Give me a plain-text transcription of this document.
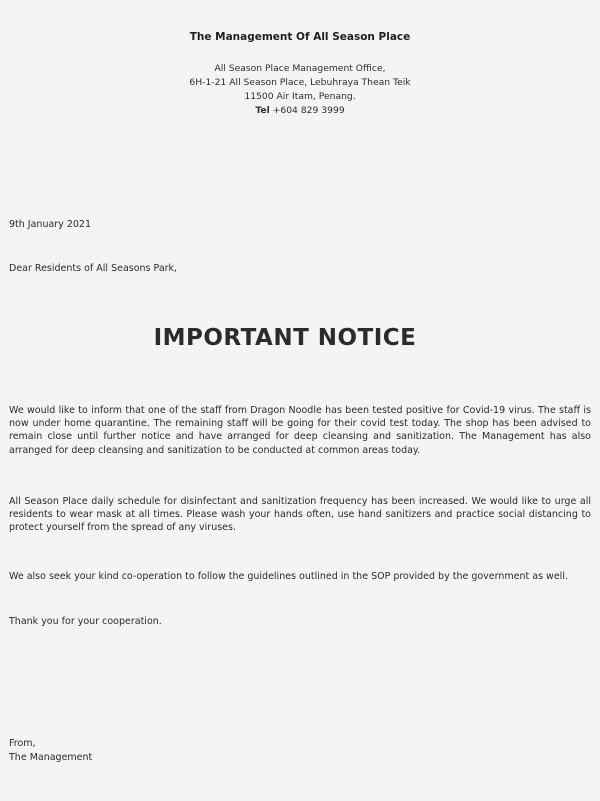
The Management Of All Season Place
All Season Place Management Office,
6H-1-21 All Season Place, Lebuhraya Thean Teik
11500 Air Itam, Penang.
Tel +604 829 3999
9th January 2021
Dear Residents of All Seasons Park,
IMPORTANT NOTICE
We would like to inform that one of the staff from Dragon Noodle has been tested positive for Covid-19 virus. The staff is now under home quarantine. The remaining staff will be going for their covid test today. The shop has been advised to remain close until further notice and have arranged for deep cleansing and sanitization. The Management has also arranged for deep cleansing and sanitization to be conducted at common areas today.
All Season Place daily schedule for disinfectant and sanitization frequency has been increased. We would like to urge all residents to wear mask at all times. Please wash your hands often, use hand sanitizers and practice social distancing to protect yourself from the spread of any viruses.
We also seek your kind co-operation to follow the guidelines outlined in the SOP provided by the government as well.
Thank you for your cooperation.
From,
The Management
